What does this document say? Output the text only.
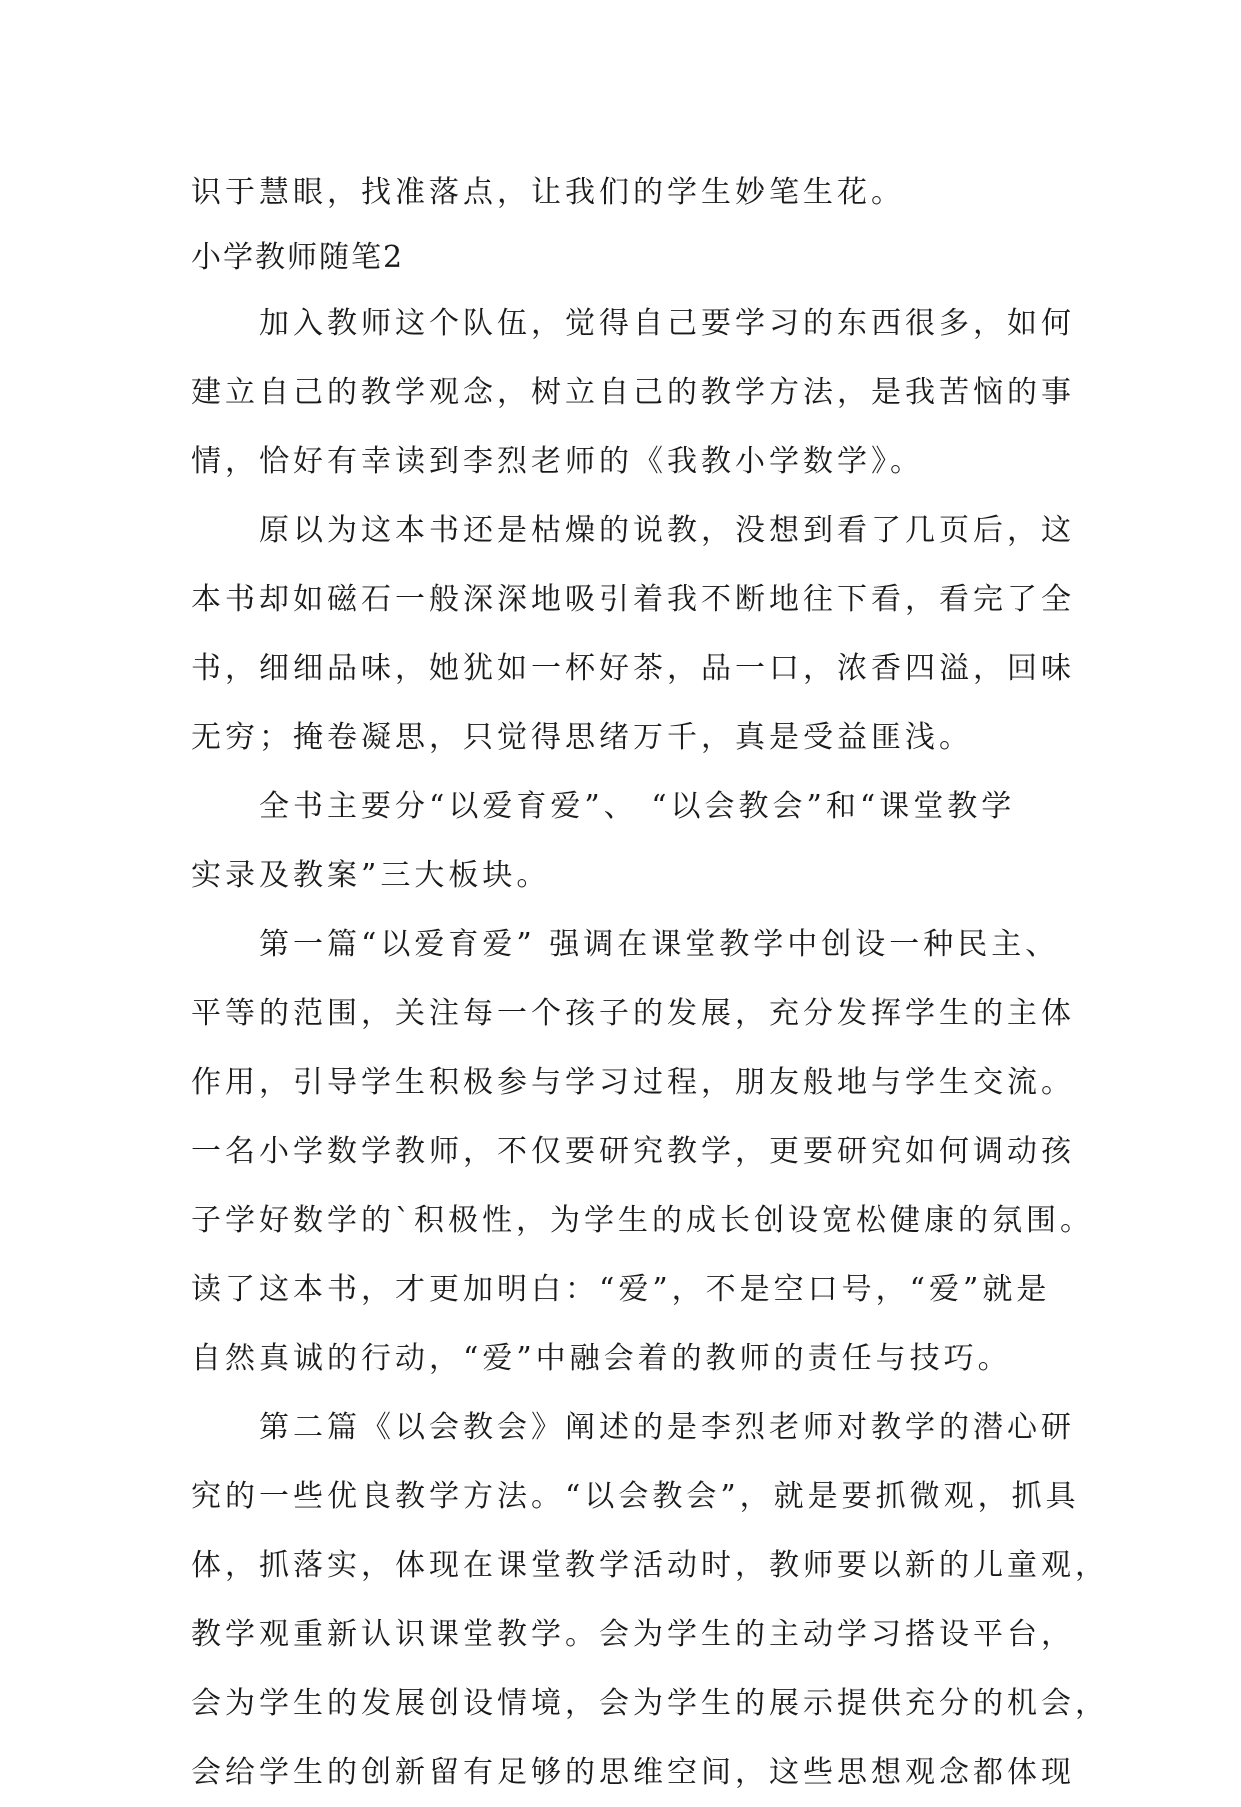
识于慧眼，找准落点，让我们的学生妙笔生花。
小学教师随笔2
　　加入教师这个队伍，觉得自己要学习的东西很多，如何
建立自己的教学观念，树立自己的教学方法，是我苦恼的事
情，恰好有幸读到李烈老师的《我教小学数学》。
　　原以为这本书还是枯燥的说教，没想到看了几页后，这
本书却如磁石一般深深地吸引着我不断地往下看，看完了全
书，细细品味，她犹如一杯好茶，品一口，浓香四溢，回味
无穷；掩卷凝思，只觉得思绪万千，真是受益匪浅。
　　全书主要分“以爱育爱”、 “以会教会”和“课堂教学
实录及教案”三大板块。
　　第一篇“以爱育爱” 强调在课堂教学中创设一种民主、
平等的范围，关注每一个孩子的发展，充分发挥学生的主体
作用，引导学生积极参与学习过程，朋友般地与学生交流。
一名小学数学教师，不仅要研究教学，更要研究如何调动孩
子学好数学的`积极性，为学生的成长创设宽松健康的氛围。
读了这本书，才更加明白：“爱”，不是空口号，“爱”就是
自然真诚的行动，“爱”中融会着的教师的责任与技巧。
　　第二篇《以会教会》阐述的是李烈老师对教学的潜心研
究的一些优良教学方法。“以会教会”，就是要抓微观，抓具
体，抓落实，体现在课堂教学活动时，教师要以新的儿童观，
教学观重新认识课堂教学。会为学生的主动学习搭设平台，
会为学生的发展创设情境，会为学生的展示提供充分的机会，
会给学生的创新留有足够的思维空间，这些思想观念都体现
